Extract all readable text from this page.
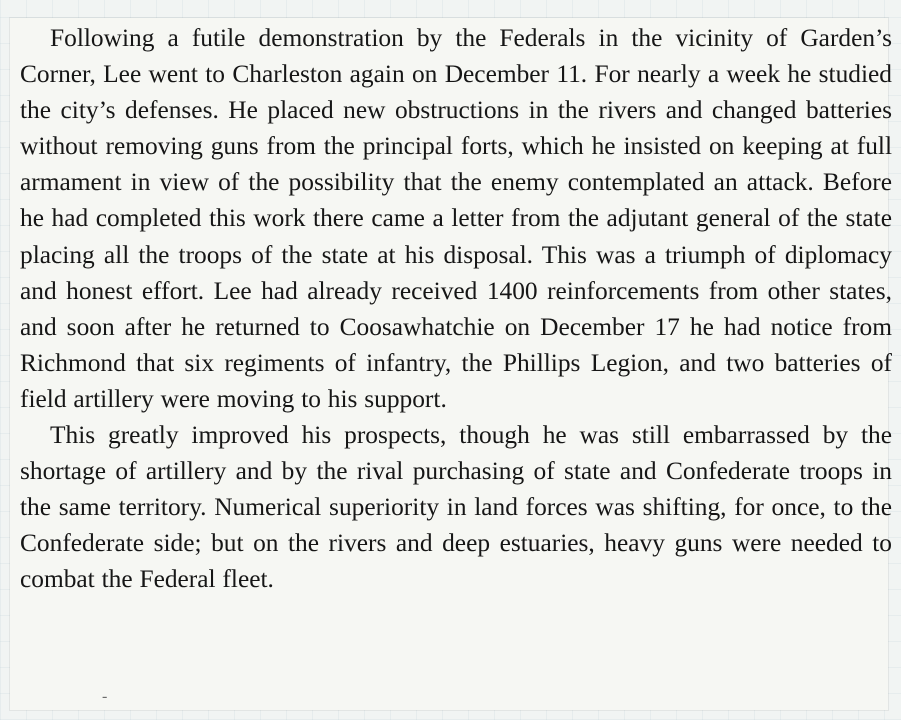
Following a futile demonstration by the Federals in the vicinity of Garden’s Corner, Lee went to Charleston again on December 11. For nearly a week he studied the city’s defenses. He placed new obstructions in the rivers and changed batteries without removing guns from the principal forts, which he insisted on keeping at full armament in view of the possibility that the enemy contemplated an attack. Before he had completed this work there came a letter from the adjutant general of the state placing all the troops of the state at his disposal. This was a triumph of diplomacy and honest effort. Lee had already received 1400 reinforcements from other states, and soon after he returned to Coosawhatchie on December 17 he had notice from Richmond that six regiments of infantry, the Phillips Legion, and two batteries of field artillery were moving to his support.

This greatly improved his prospects, though he was still embarrassed by the shortage of artillery and by the rival purchasing of state and Confederate troops in the same territory. Numerical superiority in land forces was shifting, for once, to the Confederate side; but on the rivers and deep estuaries, heavy guns were needed to combat the Federal fleet.

-
